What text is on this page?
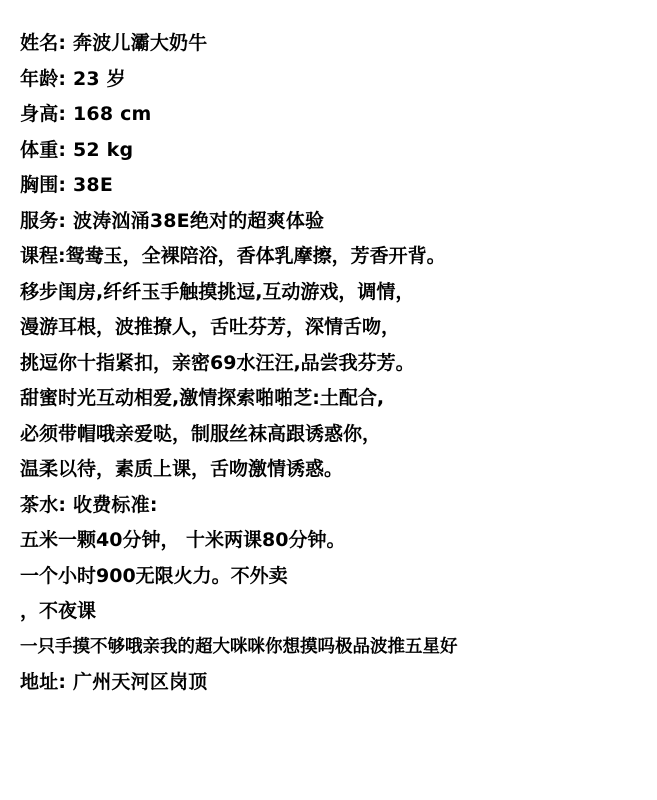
姓名: 奔波儿灞大奶牛
年龄: 23 岁
身高: 168 cm
体重: 52 kg
胸围: 38E
服务: 波涛汹涌38E绝对的超爽体验
课程:鸳鸯玉，全裸陪浴，香体乳摩擦，芳香开背。
移步闺房,纤纤玉手触摸挑逗,互动游戏，调情，
漫游耳根，波推撩人，舌吐芬芳，深情舌吻，
挑逗你十指紧扣，亲密69水汪汪,品尝我芬芳。
甜蜜时光互动相爱,激情探索啪啪芝:土配合,
必须带帽哦亲爱哒，制服丝袜高跟诱惑你，
温柔以待，素质上课，舌吻激情诱惑。
茶水: 收费标准:
五米一颗40分钟， 十米两课80分钟。
一个小时900无限火力。不外卖
，不夜课
一只手摸不够哦亲我的超大咪咪你想摸吗极品波推五星好
地址: 广州天河区岗顶
